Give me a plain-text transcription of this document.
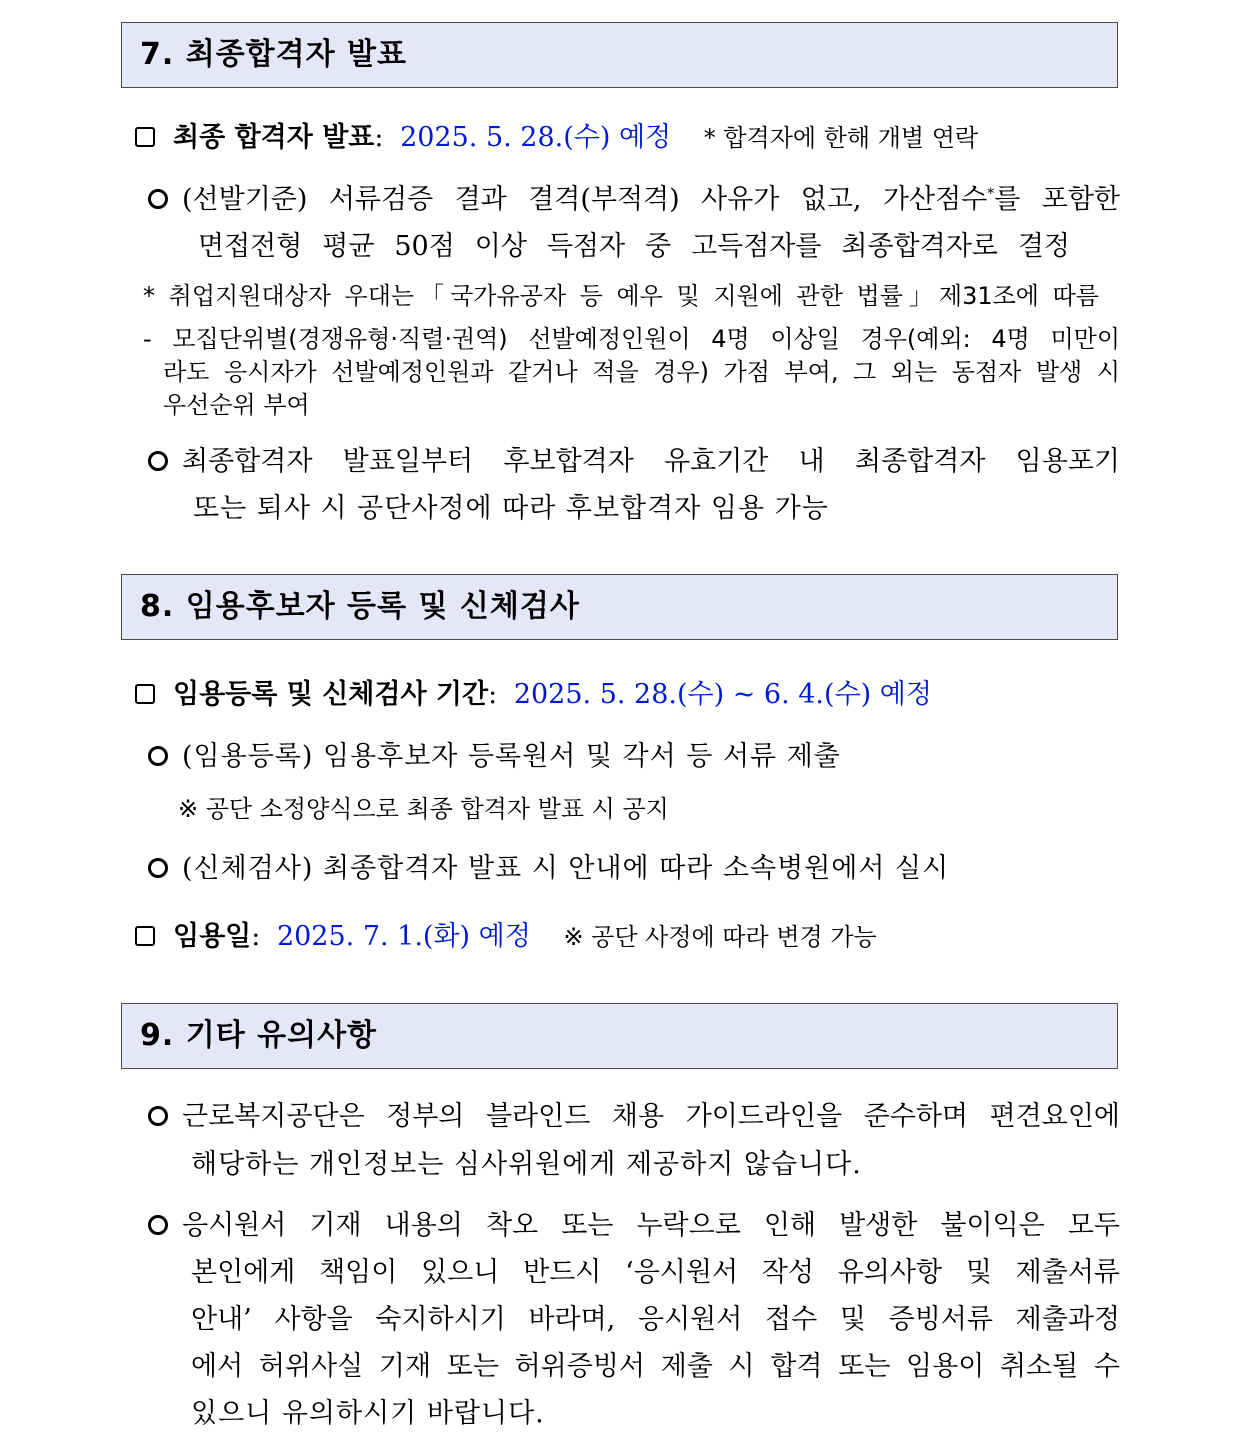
7. 최종합격자 발표
최종 합격자 발표: 2025. 5. 28.(수) 예정 * 합격자에 한해 개별 연락
(선발기준) 서류검증 결과 결격(부적격) 사유가 없고, 가산점수*를 포함한
면접전형 평균 50점 이상 득점자 중 고득점자를 최종합격자로 결정
* 취업지원대상자 우대는「국가유공자 등 예우 및 지원에 관한 법률」제31조에 따름
- 모집단위별(경쟁유형·직렬·권역) 선발예정인원이 4명 이상일 경우(예외: 4명 미만이
라도 응시자가 선발예정인원과 같거나 적을 경우) 가점 부여, 그 외는 동점자 발생 시
우선순위 부여
최종합격자 발표일부터 후보합격자 유효기간 내 최종합격자 임용포기
또는 퇴사 시 공단사정에 따라 후보합격자 임용 가능
8. 임용후보자 등록 및 신체검사
임용등록 및 신체검사 기간: 2025. 5. 28.(수) ~ 6. 4.(수) 예정
(임용등록) 임용후보자 등록원서 및 각서 등 서류 제출
※ 공단 소정양식으로 최종 합격자 발표 시 공지
(신체검사) 최종합격자 발표 시 안내에 따라 소속병원에서 실시
임용일: 2025. 7. 1.(화) 예정 ※ 공단 사정에 따라 변경 가능
9. 기타 유의사항
근로복지공단은 정부의 블라인드 채용 가이드라인을 준수하며 편견요인에
해당하는 개인정보는 심사위원에게 제공하지 않습니다.
응시원서 기재 내용의 착오 또는 누락으로 인해 발생한 불이익은 모두
본인에게 책임이 있으니 반드시 ‘응시원서 작성 유의사항 및 제출서류
안내’ 사항을 숙지하시기 바라며, 응시원서 접수 및 증빙서류 제출과정
에서 허위사실 기재 또는 허위증빙서 제출 시 합격 또는 임용이 취소될 수
있으니 유의하시기 바랍니다.
